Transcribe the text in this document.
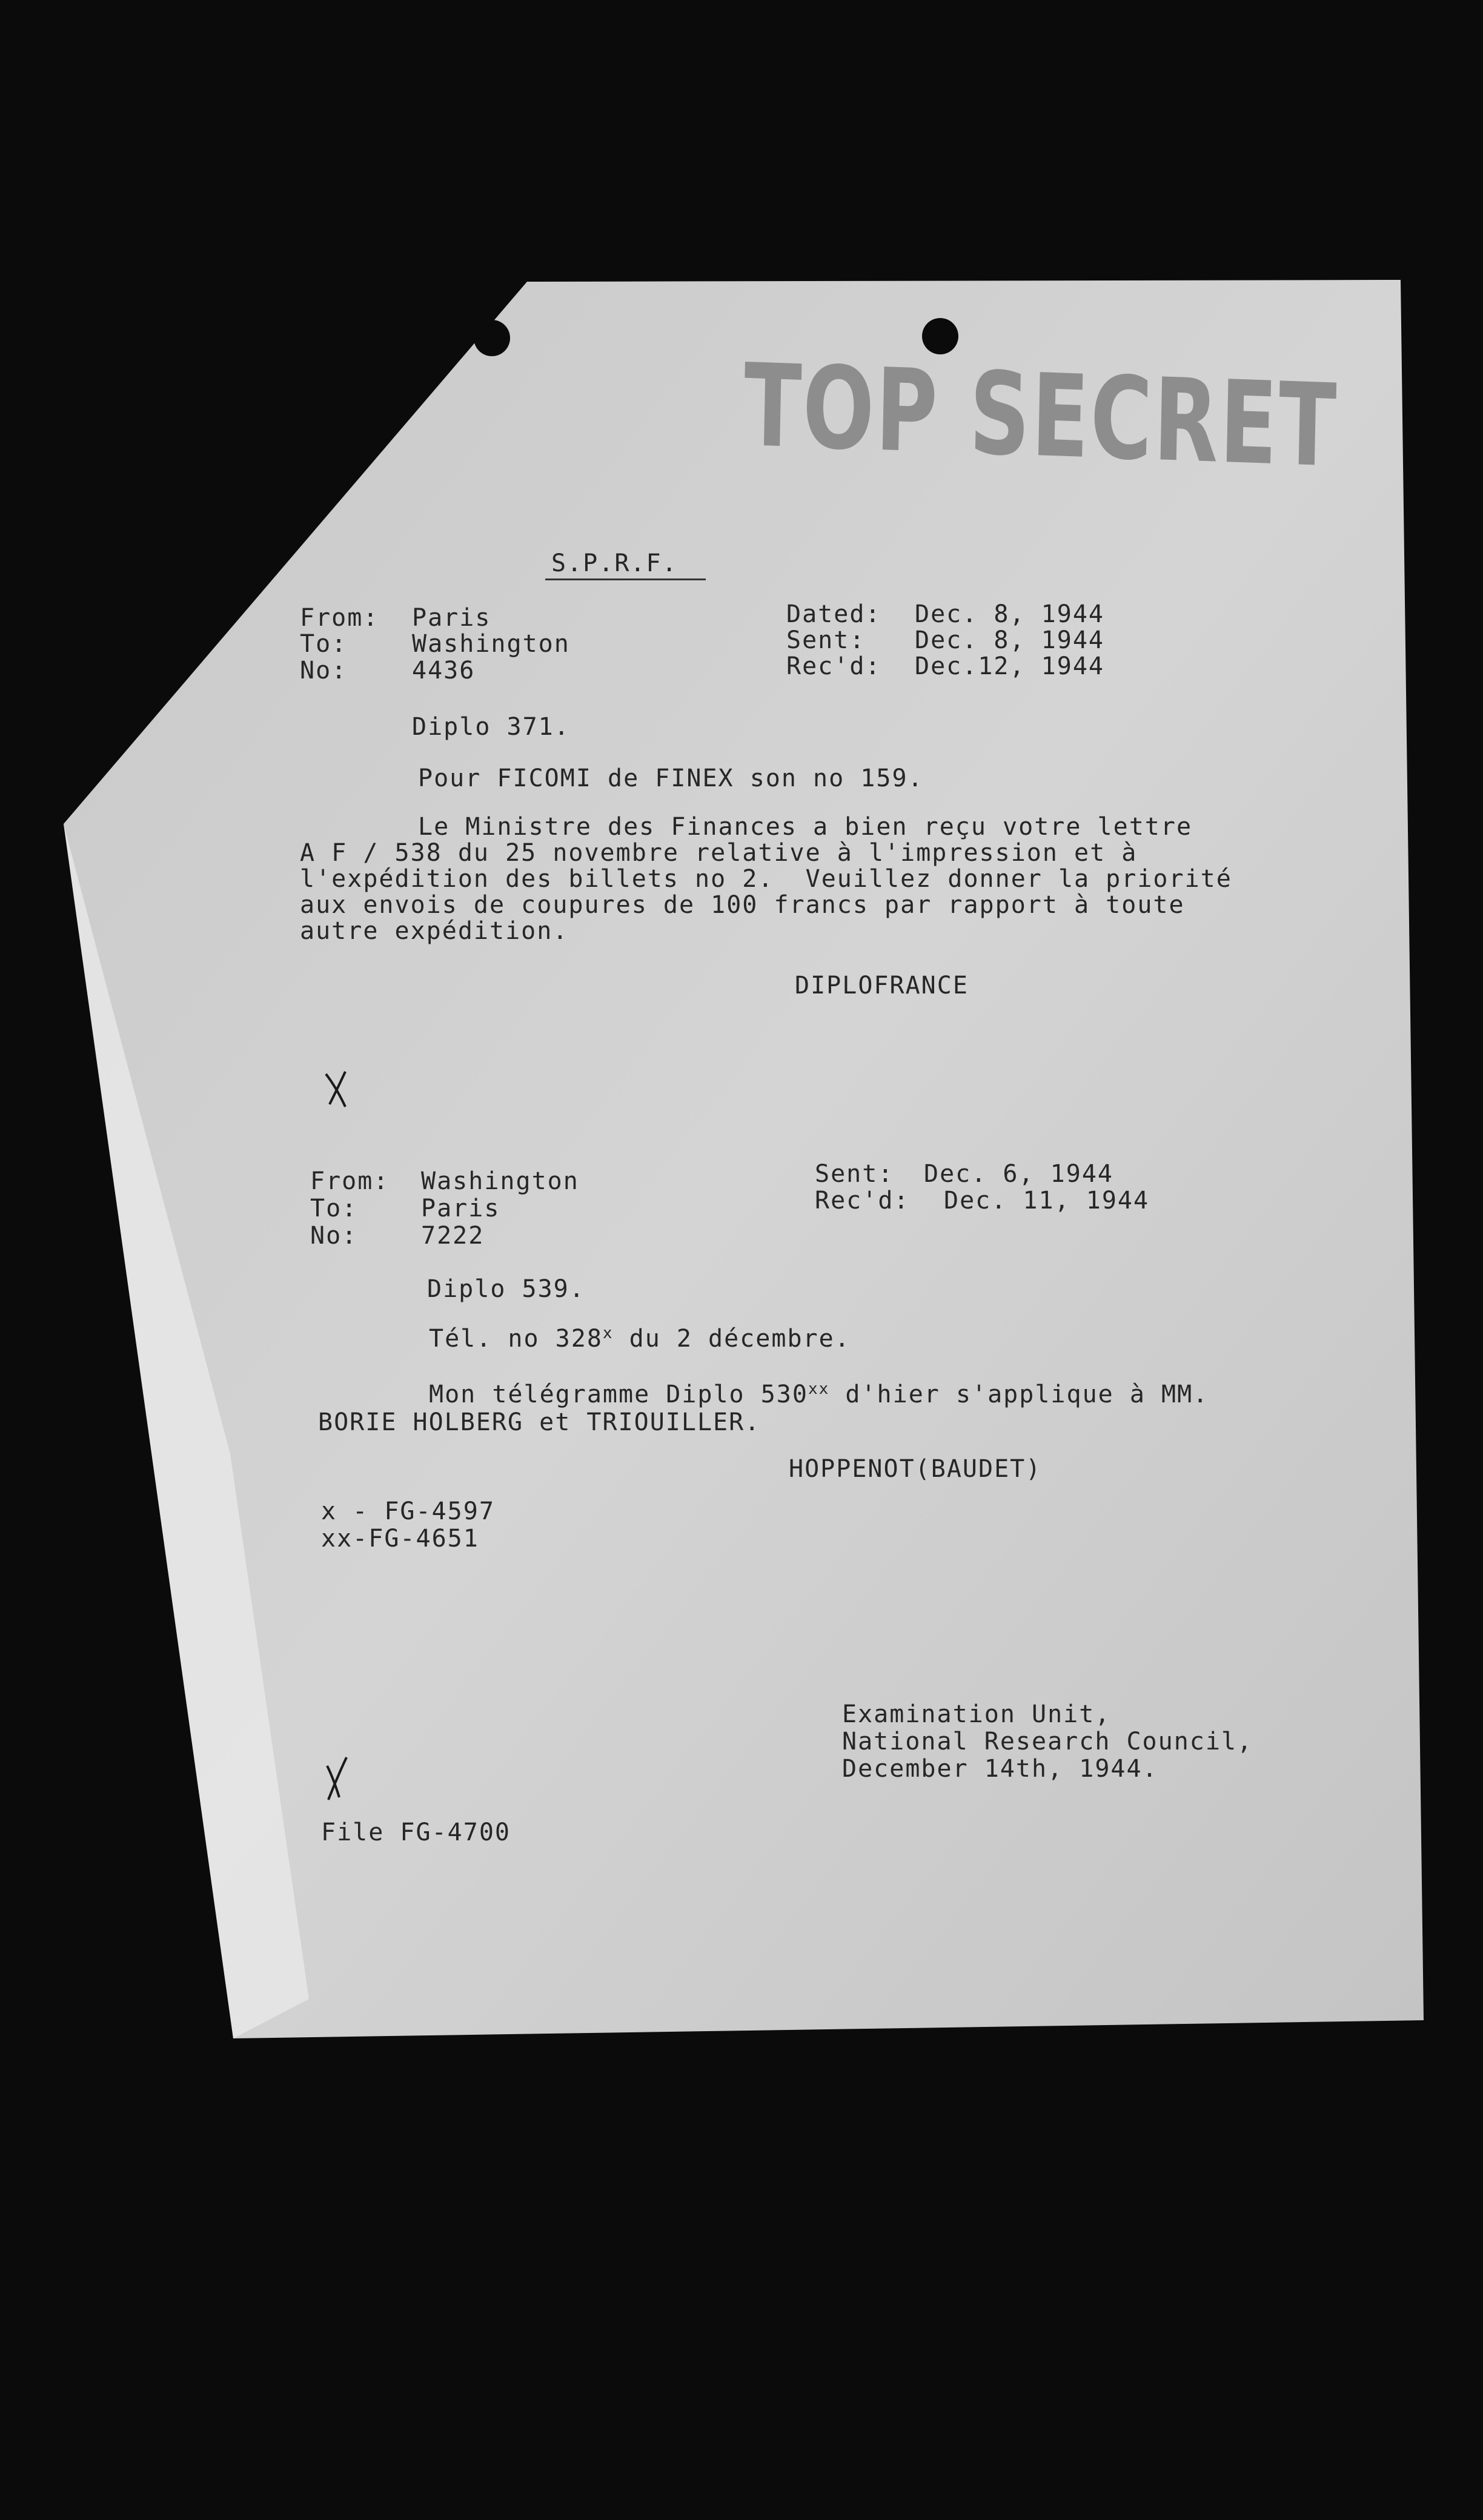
TOP SECRET
S.P.R.F.
From: Paris
To:	Washington
No:	4436
Dated: Dec. 8, 1944
Sent: Dec. 8, 1944
Rec'd: Dec.12, 1944
Diplo 371.
Pour FICOMI de FINEX son no 159.
Le Ministre des Finances a bien reçu votre lettre
A F / 538 du 25 novembre relative à l'impression et à
l'expédition des billets no 2.  Veuillez donner la priorité
aux envois de coupures de 100 francs par rapport à toute
autre expédition.
DIPLOFRANCE
From: Washington
To:	Paris
No:	7222
Sent: Dec. 6, 1944
Rec'd: Dec. 11, 1944
Diplo 539.
Tél. no 328$^x$ du 2 décembre.
Mon télégramme Diplo 530$^{xx}$ d'hier s'applique à MM.
BORIE HOLBERG et TRIOUILLER.
HOPPENOT(BAUDET)
x - FG-4597
xx-FG-4651
Examination Unit,
National Research Council,
December 14th, 1944.
File FG-4700
